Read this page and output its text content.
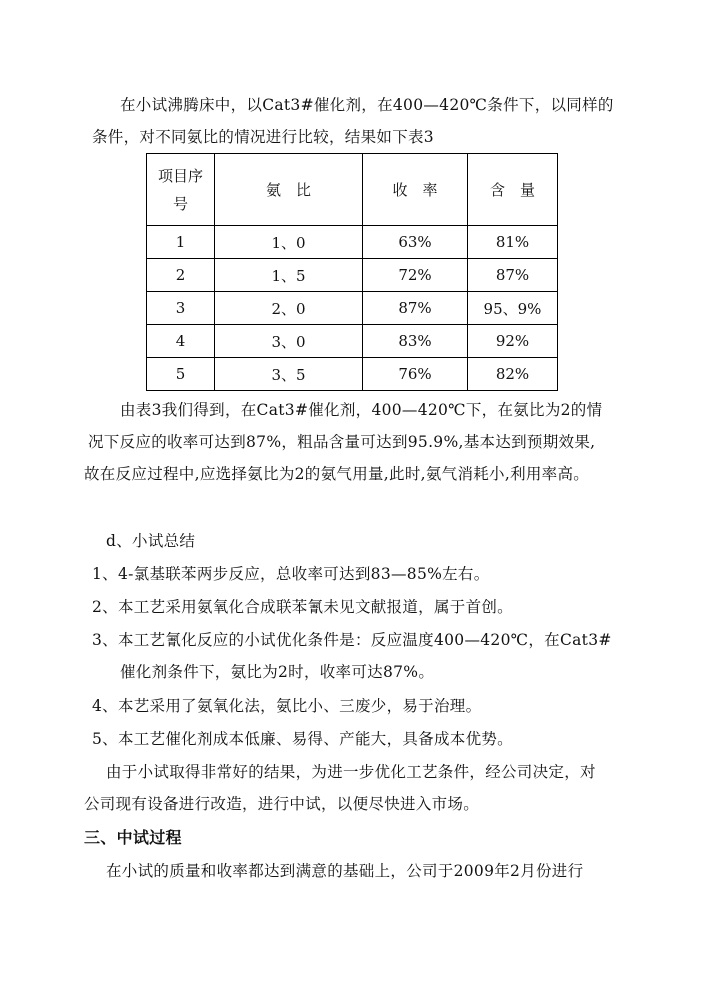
在小试沸腾床中，以Cat3#催化剂，在400—420℃条件下，以同样的
条件，对不同氨比的情况进行比较，结果如下表3
项目序
号	氨　比	收　率	含　量
1	1、0	63%	81%
2	1、5	72%	87%
3	2、0	87%	95、9%
4	3、0	83%	92%
5	3、5	76%	82%
由表3我们得到，在Cat3#催化剂，400—420℃下，在氨比为2的情
况下反应的收率可达到87%，粗品含量可达到95.9%,基本达到预期效果,
故在反应过程中,应选择氨比为2的氨气用量,此时,氨气消耗小,利用率高。
d、小试总结
1、4-氯基联苯两步反应，总收率可达到83—85%左右。
2、本工艺采用氨氧化合成联苯氰未见文献报道，属于首创。
3、本工艺氰化反应的小试优化条件是：反应温度400—420℃，在Cat3#
催化剂条件下，氨比为2时，收率可达87%。
4、本艺采用了氨氧化法，氨比小、三废少，易于治理。
5、本工艺催化剂成本低廉、易得、产能大，具备成本优势。
由于小试取得非常好的结果，为进一步优化工艺条件，经公司决定，对
公司现有设备进行改造，进行中试，以便尽快进入市场。
三、中试过程
在小试的质量和收率都达到满意的基础上，公司于2009年2月份进行
